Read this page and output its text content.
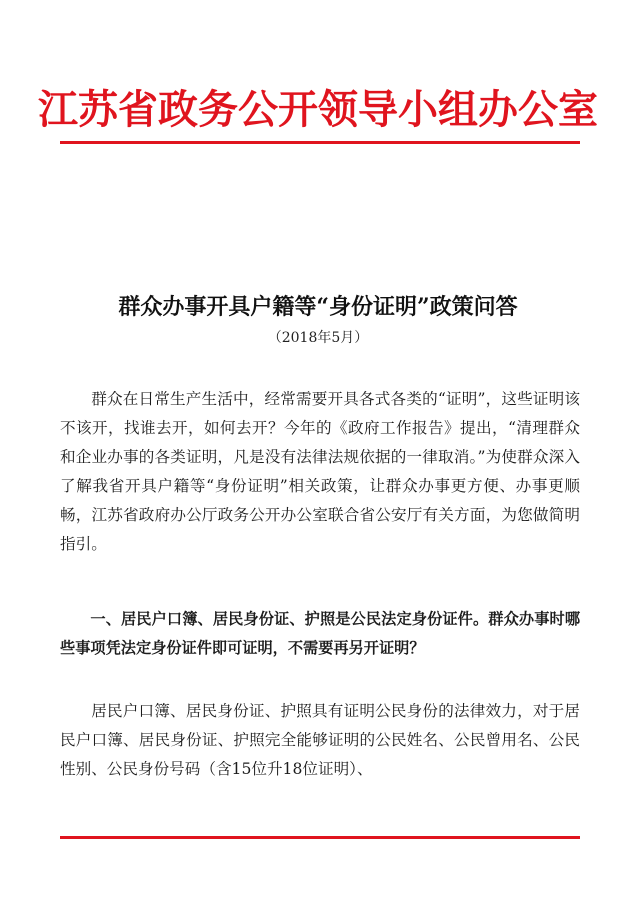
江苏省政务公开领导小组办公室
群众办事开具户籍等“身份证明”政策问答
（2018年5月）

群众在日常生产生活中，经常需要开具各式各类的“证明”，这些证明该不该开，找谁去开，如何去开？今年的《政府工作报告》提出，“清理群众和企业办事的各类证明，凡是没有法律法规依据的一律取消。”为使群众深入了解我省开具户籍等“身份证明”相关政策，让群众办事更方便、办事更顺畅，江苏省政府办公厅政务公开办公室联合省公安厅有关方面，为您做简明指引。

一、居民户口簿、居民身份证、护照是公民法定身份证件。群众办事时哪些事项凭法定身份证件即可证明，不需要再另开证明？

居民户口簿、居民身份证、护照具有证明公民身份的法律效力，对于居民户口簿、居民身份证、护照完全能够证明的公民姓名、公民曾用名、公民性别、公民身份号码（含15位升18位证明）、
